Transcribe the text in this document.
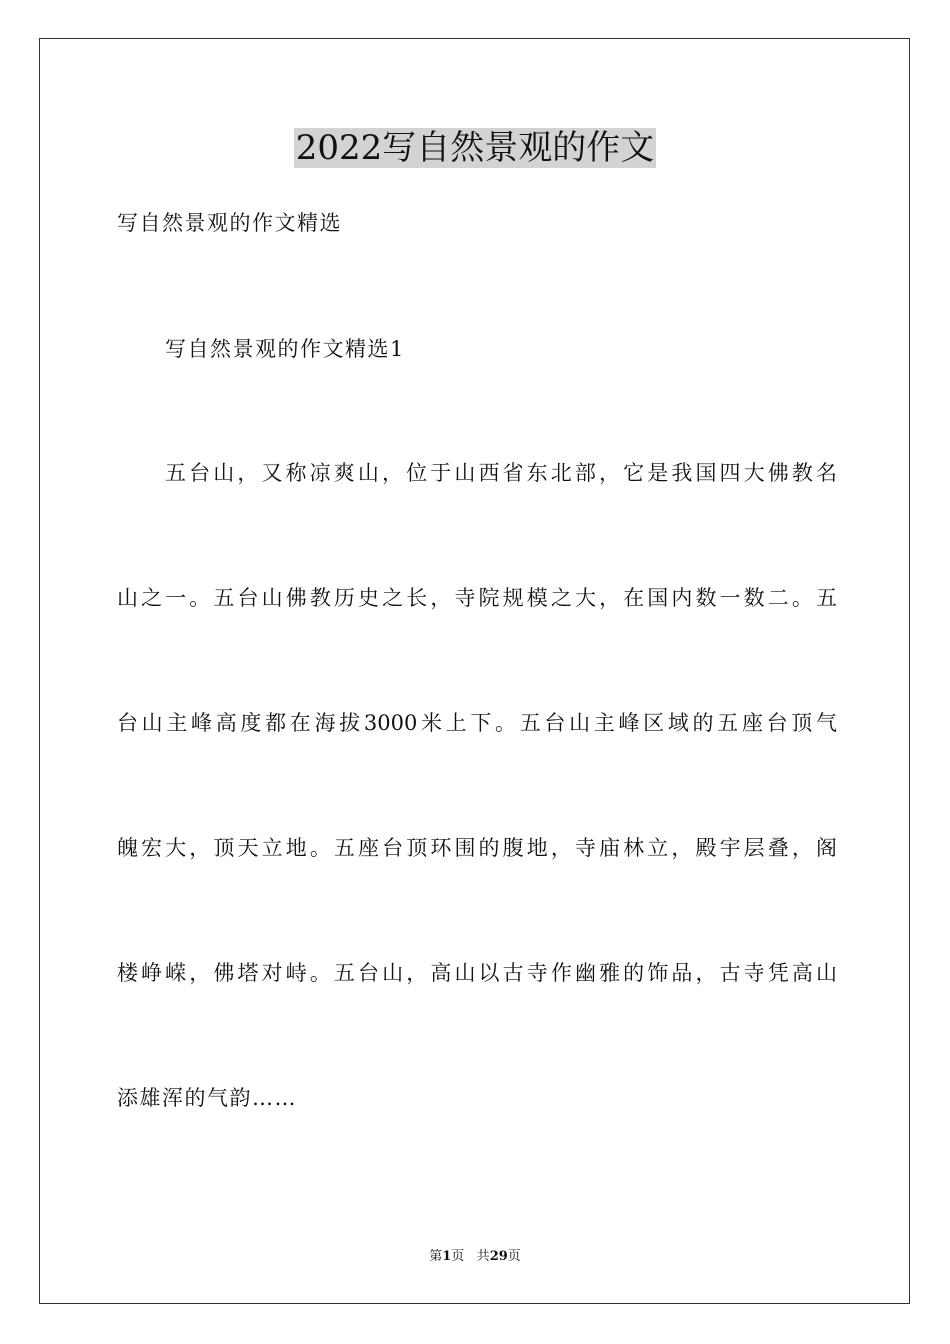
2022写自然景观的作文

写自然景观的作文精选

写自然景观的作文精选1

五台山，又称凉爽山，位于山西省东北部，它是我国四大佛教名

山之一。五台山佛教历史之长，寺院规模之大，在国内数一数二。五

台山主峰高度都在海拔3000米上下。五台山主峰区域的五座台顶气

魄宏大，顶天立地。五座台顶环围的腹地，寺庙林立，殿宇层叠，阁

楼峥嵘，佛塔对峙。五台山，高山以古寺作幽雅的饰品，古寺凭高山

添雄浑的气韵……

第1页 共29页
